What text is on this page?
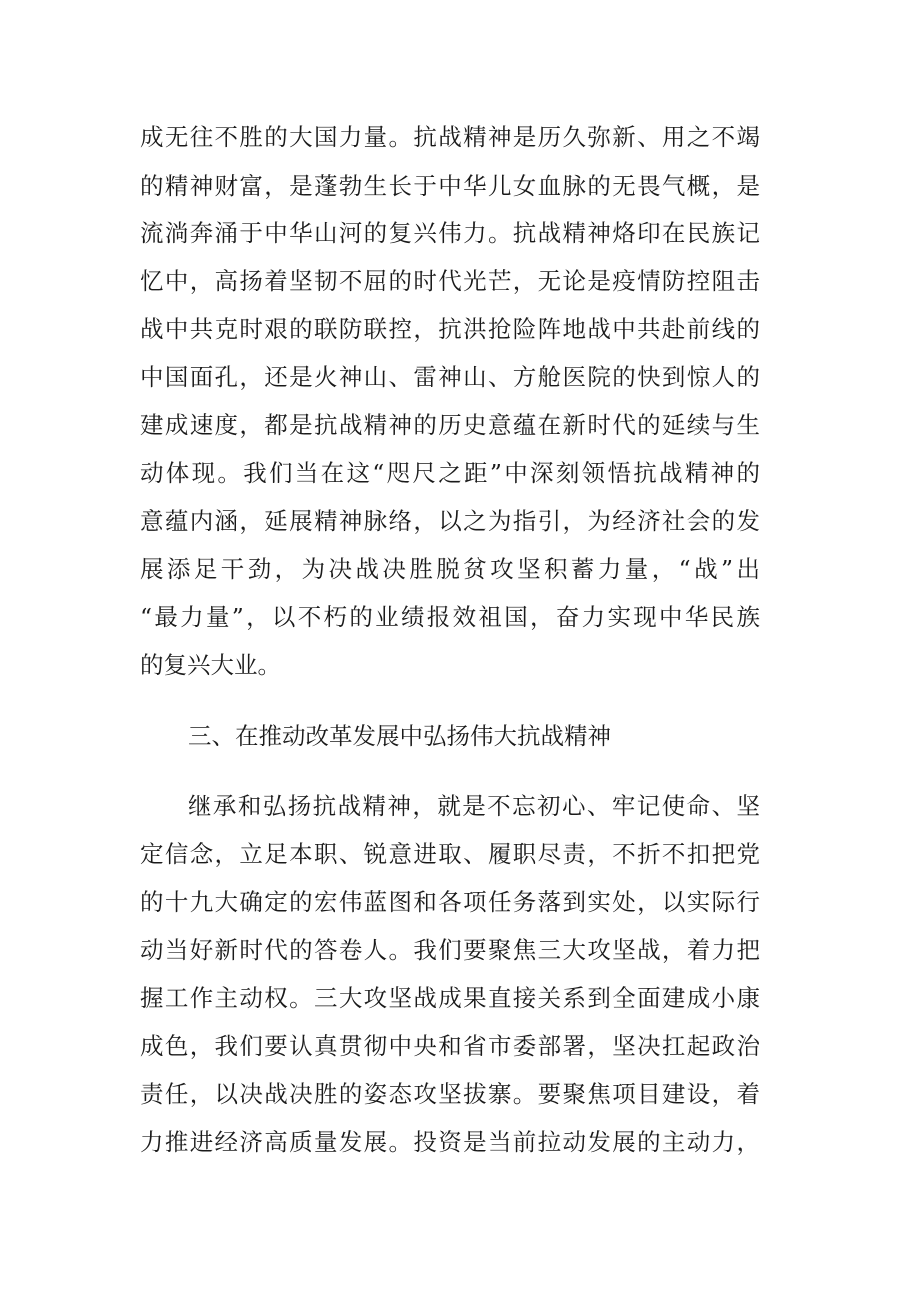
成无往不胜的大国力量。抗战精神是历久弥新、用之不竭
的精神财富，是蓬勃生长于中华儿女血脉的无畏气概，是
流淌奔涌于中华山河的复兴伟力。抗战精神烙印在民族记
忆中，高扬着坚韧不屈的时代光芒，无论是疫情防控阻击
战中共克时艰的联防联控，抗洪抢险阵地战中共赴前线的
中国面孔，还是火神山、雷神山、方舱医院的快到惊人的
建成速度，都是抗战精神的历史意蕴在新时代的延续与生
动体现。我们当在这“咫尺之距”中深刻领悟抗战精神的
意蕴内涵，延展精神脉络，以之为指引，为经济社会的发
展添足干劲，为决战决胜脱贫攻坚积蓄力量，“战”出
“最力量”，以不朽的业绩报效祖国，奋力实现中华民族
的复兴大业。
三、在推动改革发展中弘扬伟大抗战精神
继承和弘扬抗战精神，就是不忘初心、牢记使命、坚
定信念，立足本职、锐意进取、履职尽责，不折不扣把党
的十九大确定的宏伟蓝图和各项任务落到实处，以实际行
动当好新时代的答卷人。我们要聚焦三大攻坚战，着力把
握工作主动权。三大攻坚战成果直接关系到全面建成小康
成色，我们要认真贯彻中央和省市委部署，坚决扛起政治
责任，以决战决胜的姿态攻坚拔寨。要聚焦项目建设，着
力推进经济高质量发展。投资是当前拉动发展的主动力，
